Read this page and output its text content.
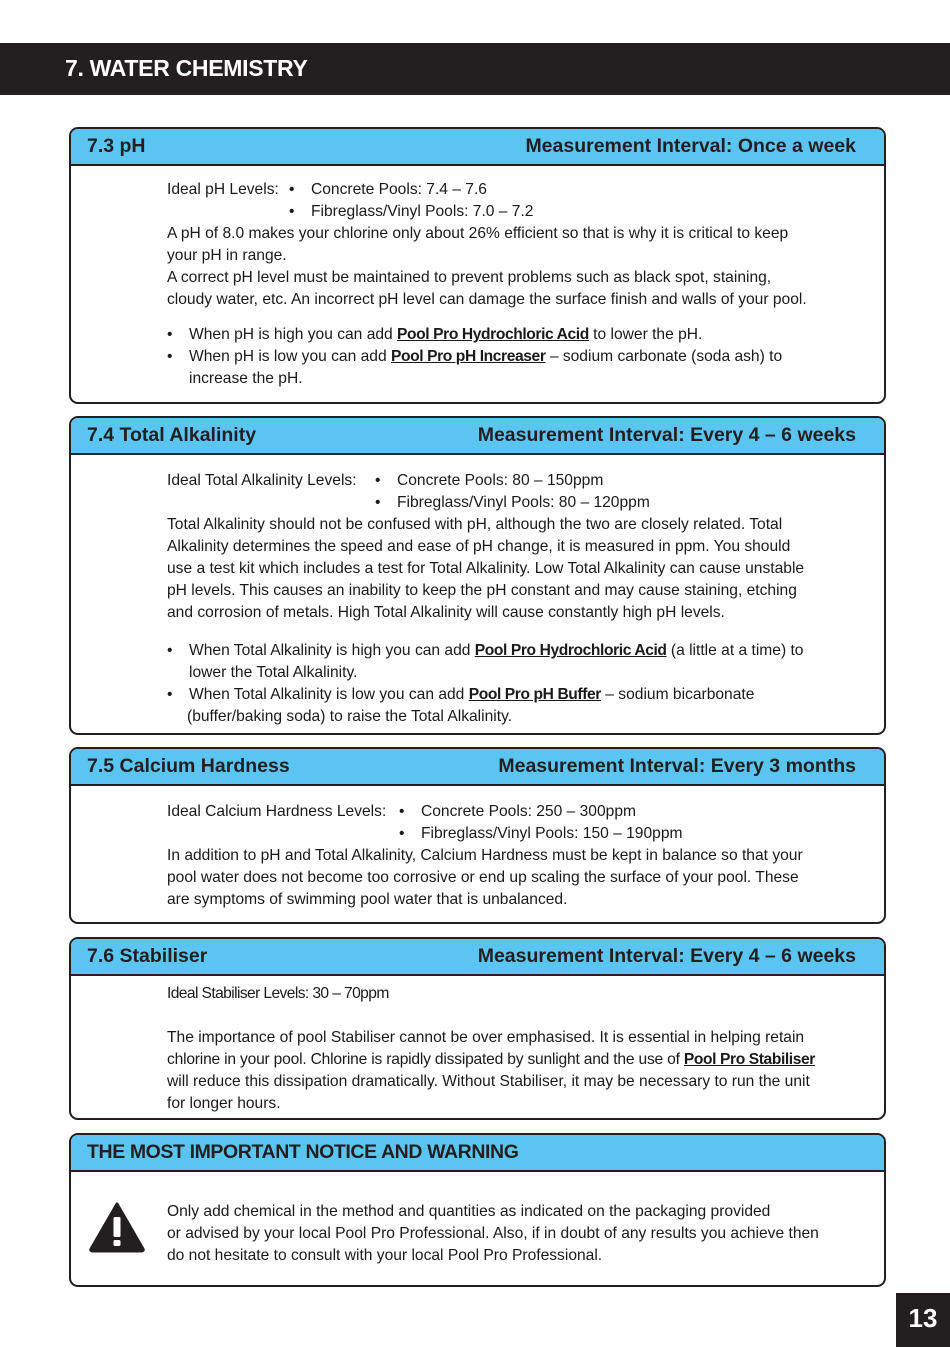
7. WATER CHEMISTRY
7.3 pH	Measurement Interval: Once a week
Ideal pH Levels: • Concrete Pools: 7.4 – 7.6
• Fibreglass/Vinyl Pools: 7.0 – 7.2
A pH of 8.0 makes your chlorine only about 26% efficient so that is why it is critical to keep
your pH in range.
A correct pH level must be maintained to prevent problems such as black spot, staining,
cloudy water, etc. An incorrect pH level can damage the surface finish and walls of your pool.
• When pH is high you can add Pool Pro Hydrochloric Acid to lower the pH.
• When pH is low you can add Pool Pro pH Increaser – sodium carbonate (soda ash) to
increase the pH.
7.4 Total Alkalinity	Measurement Interval: Every 4 – 6 weeks
Ideal Total Alkalinity Levels: • Concrete Pools: 80 – 150ppm
• Fibreglass/Vinyl Pools: 80 – 120ppm
Total Alkalinity should not be confused with pH, although the two are closely related. Total
Alkalinity determines the speed and ease of pH change, it is measured in ppm. You should
use a test kit which includes a test for Total Alkalinity. Low Total Alkalinity can cause unstable
pH levels. This causes an inability to keep the pH constant and may cause staining, etching
and corrosion of metals. High Total Alkalinity will cause constantly high pH levels.
• When Total Alkalinity is high you can add Pool Pro Hydrochloric Acid (a little at a time) to
lower the Total Alkalinity.
• When Total Alkalinity is low you can add Pool Pro pH Buffer – sodium bicarbonate
(buffer/baking soda) to raise the Total Alkalinity.
7.5 Calcium Hardness	Measurement Interval: Every 3 months
Ideal Calcium Hardness Levels: • Concrete Pools: 250 – 300ppm
• Fibreglass/Vinyl Pools: 150 – 190ppm
In addition to pH and Total Alkalinity, Calcium Hardness must be kept in balance so that your
pool water does not become too corrosive or end up scaling the surface of your pool. These
are symptoms of swimming pool water that is unbalanced.
7.6 Stabiliser	Measurement Interval: Every 4 – 6 weeks
Ideal Stabiliser Levels: 30 – 70ppm
The importance of pool Stabiliser cannot be over emphasised. It is essential in helping retain
chlorine in your pool. Chlorine is rapidly dissipated by sunlight and the use of Pool Pro Stabiliser
will reduce this dissipation dramatically. Without Stabiliser, it may be necessary to run the unit
for longer hours.
THE MOST IMPORTANT NOTICE AND WARNING
Only add chemical in the method and quantities as indicated on the packaging provided
or advised by your local Pool Pro Professional. Also, if in doubt of any results you achieve then
do not hesitate to consult with your local Pool Pro Professional.
13
